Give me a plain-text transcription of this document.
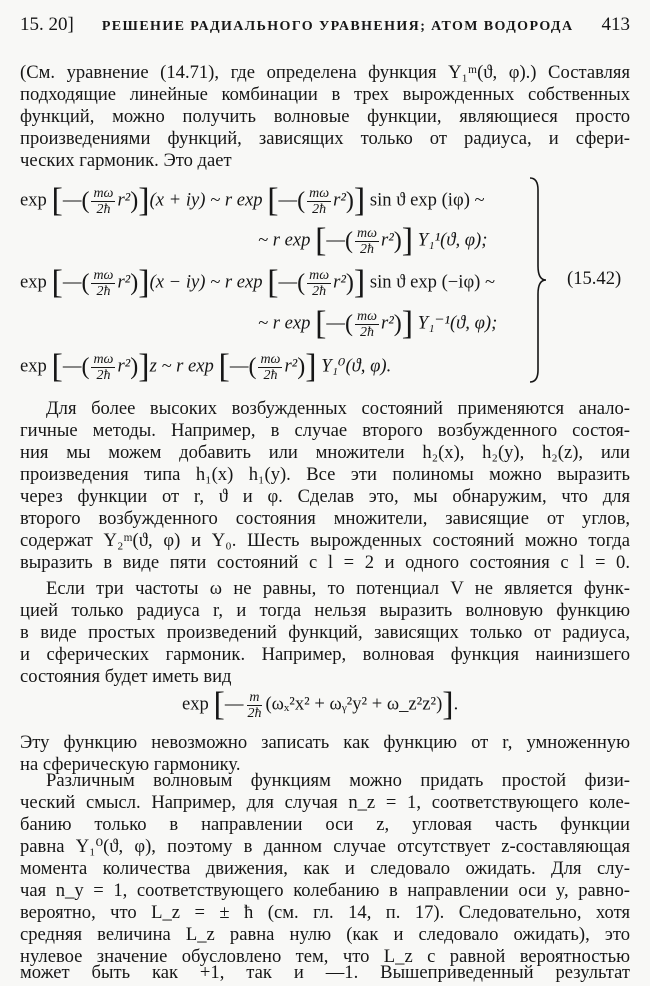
15. 20] РЕШЕНИЕ РАДИАЛЬНОГО УРАВНЕНИЯ; АТОМ ВОДОРОДА 413
(См. уравнение (14.71), где определена функция Y₁ᵐ(ϑ, φ).) Составляя
подходящие линейные комбинации в трех вырожденных собственных
функций, можно получить волновые функции, являющиеся просто
произведениями функций, зависящих только от радиуса, и сфери-
ческих гармоник. Это дает
exp [—( $\frac{m\omega}{2ħ} r^2)](x + iy)$ ~ r exp [—( $\frac{m\omega}{2ħ} r^2$)] sin ϑ exp (iφ) ~
~ r exp [—( $\frac{m\omega}{2ħ} r^2$)] Y₁¹(ϑ, φ);
exp [—( $\frac{m\omega}{2ħ} r^2)](x - iy)$ ~ r exp [—( $\frac{m\omega}{2ħ} r^2$)] sin ϑ exp (−iφ) ~
~ r exp [—( $\frac{m\omega}{2ħ} r^2$)] Y₁⁻¹(ϑ, φ);
exp [—( $\frac{m\omega}{2ħ} r^2)]z$ ~ r exp [—( $\frac{m\omega}{2ħ} r^2$)] Y₁⁰(ϑ, φ).
(15.42)
Для более высоких возбужденных состояний применяются анало-
гичные методы. Например, в случае второго возбужденного состоя-
ния мы можем добавить или множители h₂(x), h₂(y), h₂(z), или
произведения типа h₁(x) h₁(y). Все эти полиномы можно выразить
через функции от r, ϑ и φ. Сделав это, мы обнаружим, что для
второго возбужденного состояния множители, зависящие от углов,
содержат Y₂ᵐ(ϑ, φ) и Y₀. Шесть вырожденных состояний можно тогда
выразить в виде пяти состояний с l = 2 и одного состояния с l = 0.
Если три частоты ω не равны, то потенциал V не является функ-
цией только радиуса r, и тогда нельзя выразить волновую функцию
в виде простых произведений функций, зависящих только от радиуса,
и сферических гармоник. Например, волновая функция наинизшего
состояния будет иметь вид
exp [— $\frac{m}{2ħ} (\omega_x^2x^2$ + ωᵧ²y² + ω_z²z²)].
Эту функцию невозможно записать как функцию от r, умноженную
на сферическую гармонику.
Различным волновым функциям можно придать простой физи-
ческий смысл. Например, для случая n_z = 1, соответствующего коле-
банию только в направлении оси z, угловая часть функции
равна Y₁⁰(ϑ, φ), поэтому в данном случае отсутствует z-составляющая
момента количества движения, как и следовало ожидать. Для слу-
чая n_y = 1, соответствующего колебанию в направлении оси y, равно-
вероятно, что L_z = ± ħ (см. гл. 14, п. 17). Следовательно, хотя
средняя величина L_z равна нулю (как и следовало ожидать), это
нулевое значение обусловлено тем, что L_z с равной вероятностью
может быть как +1, так и —1. Вышеприведенный результат
